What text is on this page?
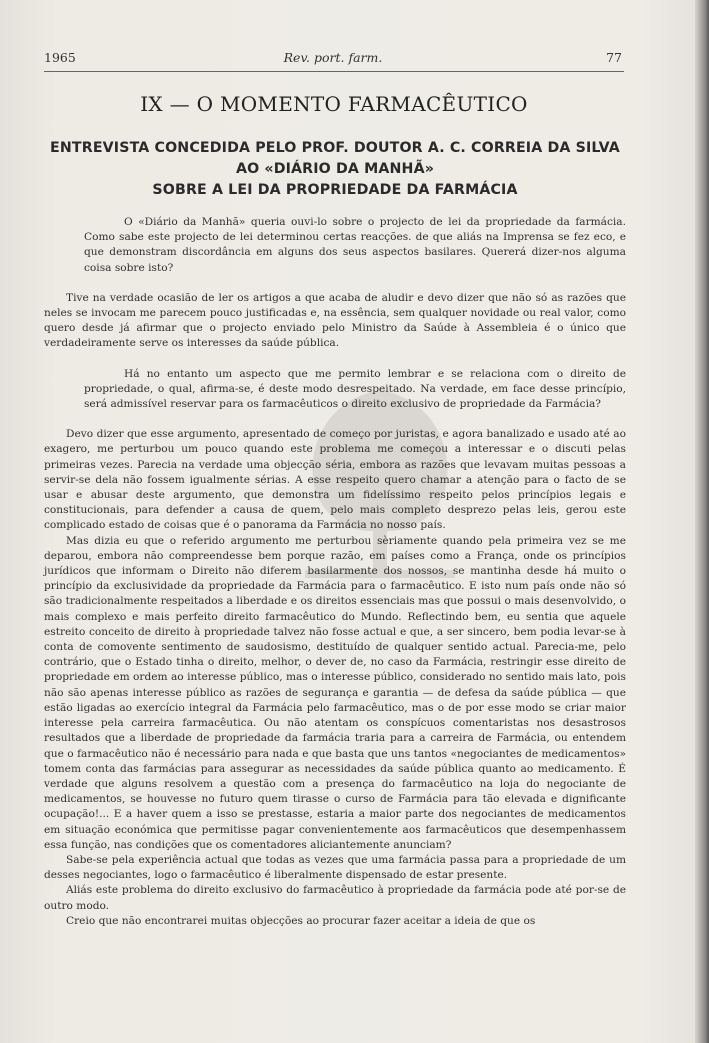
1965	Rev. port. farm.	77
IX — O MOMENTO FARMACÊUTICO
ENTREVISTA CONCEDIDA PELO PROF. DOUTOR A. C. CORREIA DA SILVA
AO «DIÁRIO DA MANHÃ»
SOBRE A LEI DA PROPRIEDADE DA FARMÁCIA

O «Diário da Manhã» queria ouvi-lo sobre o projecto de lei da propriedade da farmácia. Como sabe este projecto de lei determinou certas reacções. de que aliás na Imprensa se fez eco, e que demonstram discordância em alguns dos seus aspectos basilares. Quererá dizer-nos alguma coisa sobre isto?

Tive na verdade ocasião de ler os artigos a que acaba de aludir e devo dizer que não só as razões que neles se invocam me parecem pouco justificadas e, na essência, sem qualquer novidade ou real valor, como quero desde já afirmar que o projecto enviado pelo Ministro da Saúde à Assembleia é o único que verdadeiramente serve os interesses da saúde pública.

Há no entanto um aspecto que me permito lembrar e se relaciona com o direito de propriedade, o qual, afirma-se, é deste modo desrespeitado. Na verdade, em face desse princípio, será admissível reservar para os farmacêuticos o direito exclusivo de propriedade da Farmácia?

Devo dizer que esse argumento, apresentado de começo por juristas, e agora banalizado e usado até ao exagero, me perturbou um pouco quando este problema me começou a interessar e o discuti pelas primeiras vezes. Parecia na verdade uma objecção séria, embora as razões que levavam muitas pessoas a servir-se dela não fossem igualmente sérias. A esse respeito quero chamar a atenção para o facto de se usar e abusar deste argumento, que demonstra um fidelíssimo respeito pelos princípios legais e constitucionais, para defender a causa de quem, pelo mais completo desprezo pelas leis, gerou este complicado estado de coisas que é o panorama da Farmácia no nosso país.

Mas dizia eu que o referido argumento me perturbou sèriamente quando pela primeira vez se me deparou, embora não compreendesse bem porque razão, em países como a França, onde os princípios jurídicos que informam o Direito não diferem basilarmente dos nossos, se mantinha desde há muito o princípio da exclusividade da propriedade da Farmácia para o farmacêutico. E isto num país onde não só são tradicionalmente respeitados a liberdade e os direitos essenciais mas que possui o mais desenvolvido, o mais complexo e mais perfeito direito farmacêutico do Mundo. Reflectindo bem, eu sentia que aquele estreito conceito de direito à propriedade talvez não fosse actual e que, a ser sincero, bem podia levar-se à conta de comovente sentimento de saudosismo, destituído de qualquer sentido actual. Parecia-me, pelo contrário, que o Estado tinha o direito, melhor, o dever de, no caso da Farmácia, restringir esse direito de propriedade em ordem ao interesse público, mas o interesse público, considerado no sentido mais lato, pois não são apenas interesse público as razões de segurança e garantia — de defesa da saúde pública — que estão ligadas ao exercício integral da Farmácia pelo farmacêutico, mas o de por esse modo se criar maior interesse pela carreira farmacêutica. Ou não atentam os conspícuos comentaristas nos desastrosos resultados que a liberdade de propriedade da farmácia traria para a carreira de Farmácia, ou entendem que o farmacêutico não é necessário para nada e que basta que uns tantos «negociantes de medicamentos» tomem conta das farmácias para assegurar as necessidades da saúde pública quanto ao medicamento. É verdade que alguns resolvem a questão com a presença do farmacêutico na loja do negociante de medicamentos, se houvesse no futuro quem tirasse o curso de Farmácia para tão elevada e dignificante ocupação!... E a haver quem a isso se prestasse, estaria a maior parte dos negociantes de medicamentos em situação económica que permitisse pagar convenientemente aos farmacêuticos que desempenhassem essa função, nas condições que os comentadores aliciantemente anunciam?

Sabe-se pela experiência actual que todas as vezes que uma farmácia passa para a propriedade de um desses negociantes, logo o farmacêutico é liberalmente dispensado de estar presente.

Aliás este problema do direito exclusivo do farmacêutico à propriedade da farmácia pode até por-se de outro modo.

Creio que não encontrarei muitas objecções ao procurar fazer aceitar a ideia de que os
